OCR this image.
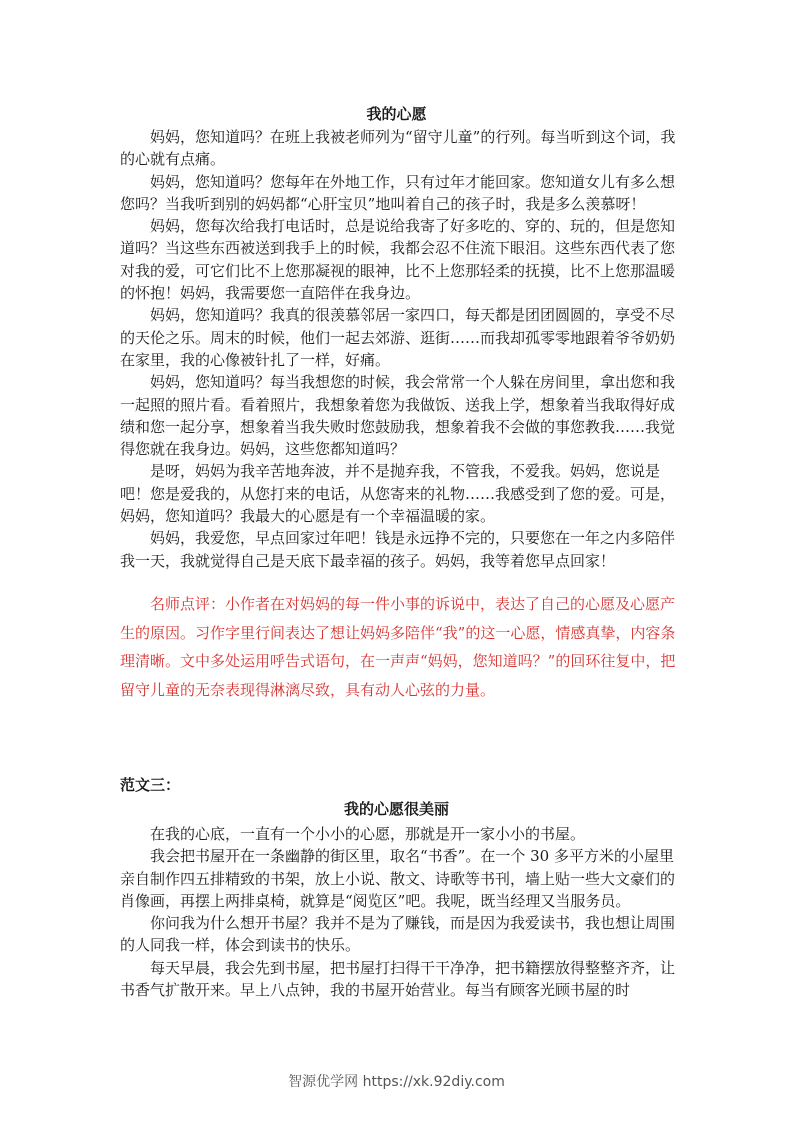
我的心愿

妈妈，您知道吗？在班上我被老师列为“留守儿童”的行列。每当听到这个词，我的心就有点痛。

妈妈，您知道吗？您每年在外地工作，只有过年才能回家。您知道女儿有多么想您吗？当我听到别的妈妈都“心肝宝贝”地叫着自己的孩子时，我是多么羡慕呀！

妈妈，您每次给我打电话时，总是说给我寄了好多吃的、穿的、玩的，但是您知道吗？当这些东西被送到我手上的时候，我都会忍不住流下眼泪。这些东西代表了您对我的爱，可它们比不上您那凝视的眼神，比不上您那轻柔的抚摸，比不上您那温暖的怀抱！妈妈，我需要您一直陪伴在我身边。

妈妈，您知道吗？我真的很羡慕邻居一家四口，每天都是团团圆圆的，享受不尽的天伦之乐。周末的时候，他们一起去郊游、逛街……而我却孤零零地跟着爷爷奶奶在家里，我的心像被针扎了一样，好痛。

妈妈，您知道吗？每当我想您的时候，我会常常一个人躲在房间里，拿出您和我一起照的照片看。看着照片，我想象着您为我做饭、送我上学，想象着当我取得好成绩和您一起分享，想象着当我失败时您鼓励我，想象着我不会做的事您教我……我觉得您就在我身边。妈妈，这些您都知道吗？

是呀，妈妈为我辛苦地奔波，并不是抛弃我，不管我，不爱我。妈妈，您说是吧！您是爱我的，从您打来的电话，从您寄来的礼物……我感受到了您的爱。可是，妈妈，您知道吗？我最大的心愿是有一个幸福温暖的家。

妈妈，我爱您，早点回家过年吧！钱是永远挣不完的，只要您在一年之内多陪伴我一天，我就觉得自己是天底下最幸福的孩子。妈妈，我等着您早点回家！

名师点评：小作者在对妈妈的每一件小事的诉说中，表达了自己的心愿及心愿产生的原因。习作字里行间表达了想让妈妈多陪伴“我”的这一心愿，情感真挚，内容条理清晰。文中多处运用呼告式语句，在一声声“妈妈，您知道吗？”的回环往复中，把留守儿童的无奈表现得淋漓尽致，具有动人心弦的力量。

范文三：
我的心愿很美丽

在我的心底，一直有一个小小的心愿，那就是开一家小小的书屋。

我会把书屋开在一条幽静的街区里，取名“书香”。在一个 30 多平方米的小屋里亲自制作四五排精致的书架，放上小说、散文、诗歌等书刊，墙上贴一些大文豪们的肖像画，再摆上两排桌椅，就算是“阅览区”吧。我呢，既当经理又当服务员。

你问我为什么想开书屋？我并不是为了赚钱，而是因为我爱读书，我也想让周围的人同我一样，体会到读书的快乐。

每天早晨，我会先到书屋，把书屋打扫得干干净净，把书籍摆放得整整齐齐，让书香气扩散开来。早上八点钟，我的书屋开始营业。每当有顾客光顾书屋的时

智源优学网 https://xk.92diy.com
